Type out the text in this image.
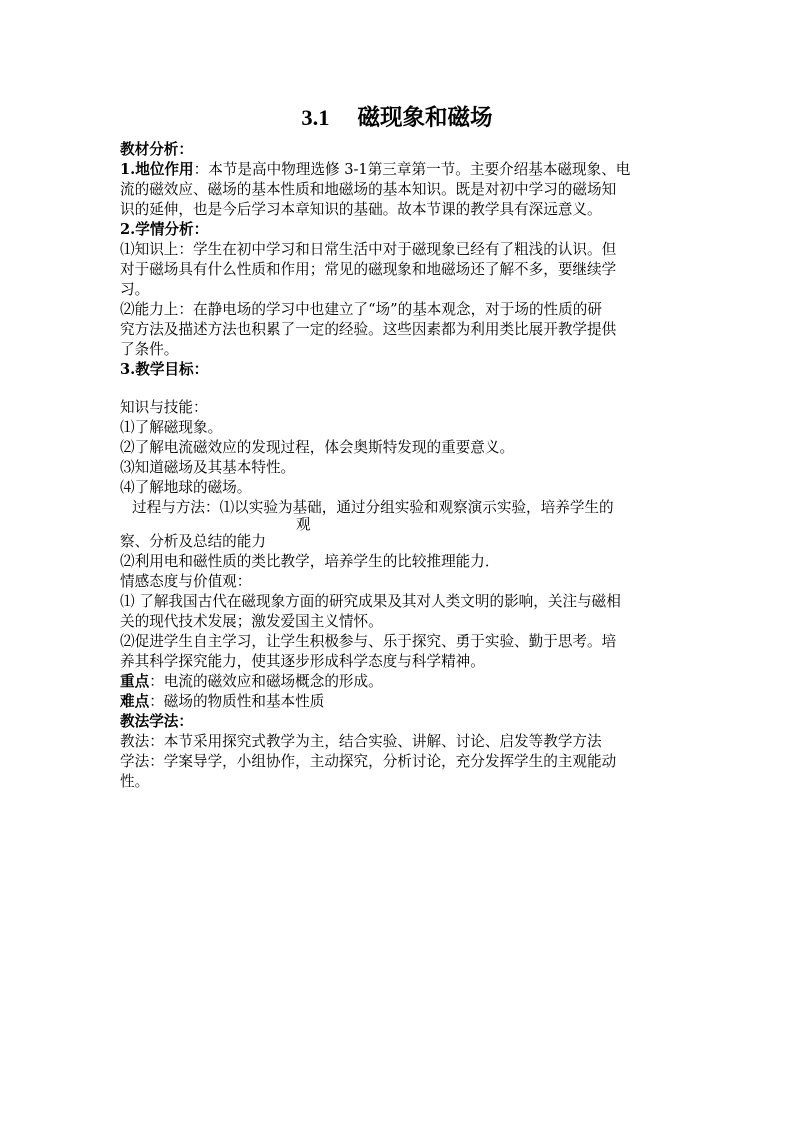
3.1 磁现象和磁场
教材分析：
1.地位作用：本节是高中物理选修 3-1第三章第一节。主要介绍基本磁现象、电
流的磁效应、磁场的基本性质和地磁场的基本知识。既是对初中学习的磁场知
识的延伸，也是今后学习本章知识的基础。故本节课的教学具有深远意义。
2.学情分析：
⑴知识上：学生在初中学习和日常生活中对于磁现象已经有了粗浅的认识。但
对于磁场具有什么性质和作用；常见的磁现象和地磁场还了解不多，要继续学
习。
⑵能力上：在静电场的学习中也建立了“场”的基本观念，对于场的性质的研
究方法及描述方法也积累了一定的经验。这些因素都为利用类比展开教学提供
了条件。
3.教学目标：
知识与技能：
⑴了解磁现象。
⑵了解电流磁效应的发现过程，体会奥斯特发现的重要意义。
⑶知道磁场及其基本特性。
⑷了解地球的磁场。
过程与方法：⑴以实验为基础，通过分组实验和观察演示实验，培养学生的
观
察、分析及总结的能力
⑵利用电和磁性质的类比教学，培养学生的比较推理能力．
情感态度与价值观：
⑴ 了解我国古代在磁现象方面的研究成果及其对人类文明的影响，关注与磁相
关的现代技术发展；激发爱国主义情怀。
⑵促进学生自主学习，让学生积极参与、乐于探究、勇于实验、勤于思考。培
养其科学探究能力，使其逐步形成科学态度与科学精神。
重点：电流的磁效应和磁场概念的形成。
难点：磁场的物质性和基本性质
教法学法：
教法：本节采用探究式教学为主，结合实验、讲解、讨论、启发等教学方法
学法：学案导学，小组协作，主动探究，分析讨论，充分发挥学生的主观能动
性。
